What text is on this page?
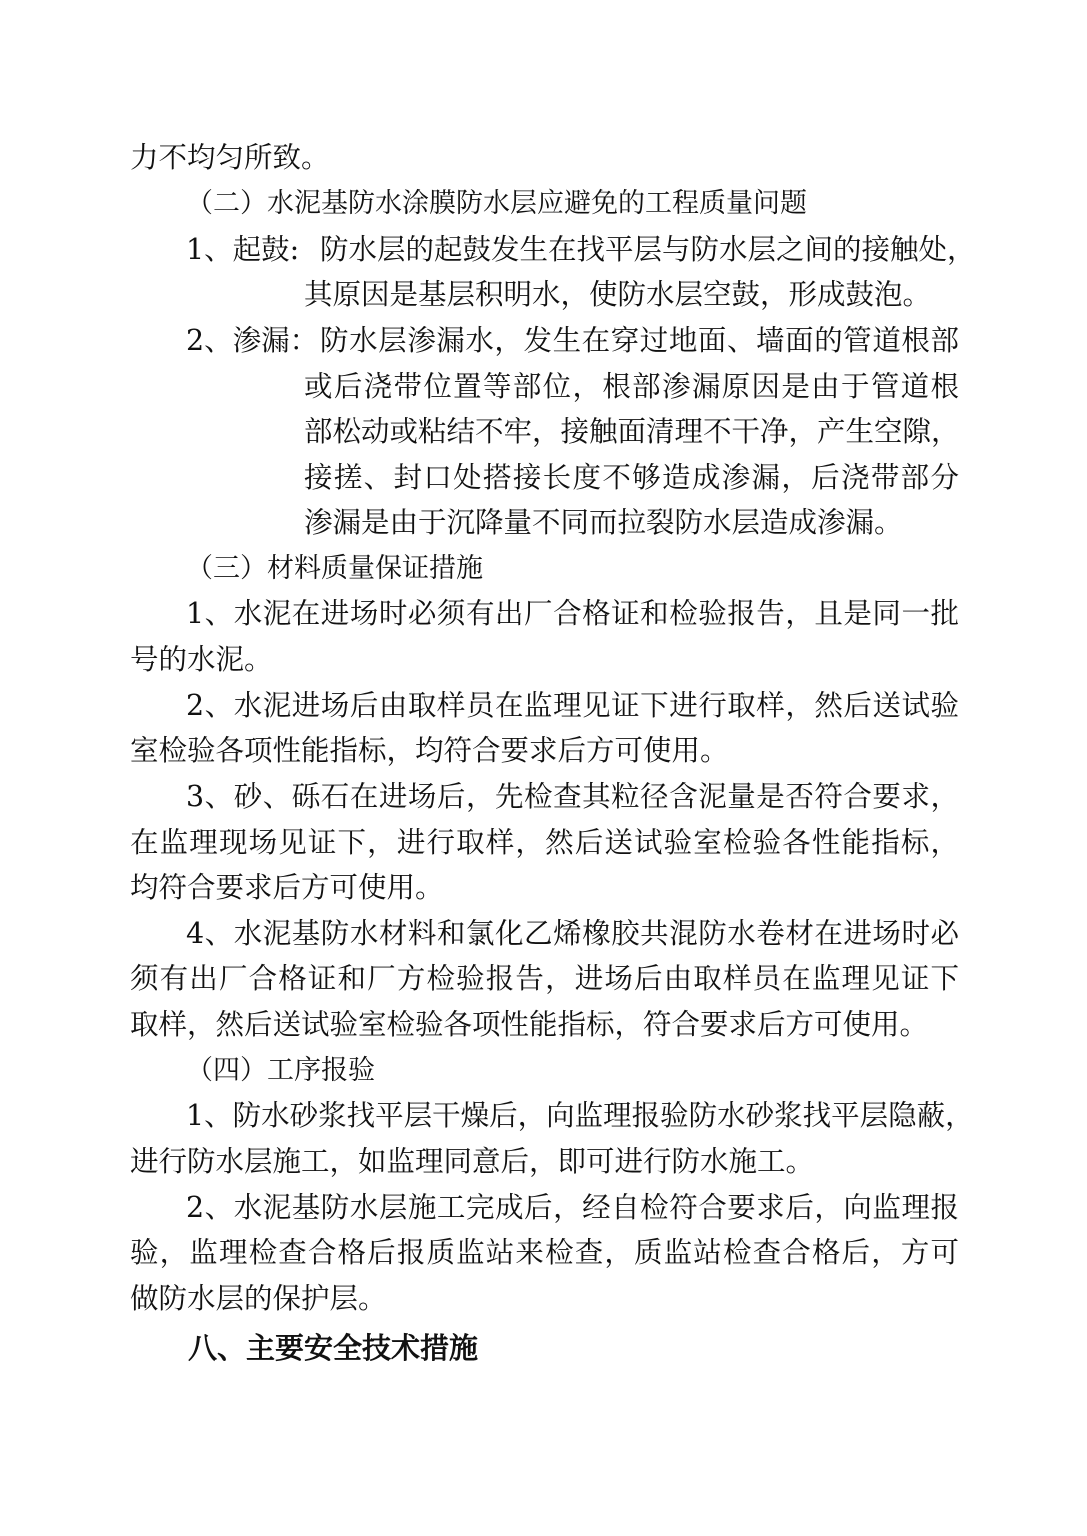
力不均匀所致。

（二）水泥基防水涂膜防水层应避免的工程质量问题

1、起鼓: 防水层的起鼓发生在找平层与防水层之间的接触处，

其原因是基层积明水，使防水层空鼓，形成鼓泡。

2、渗漏： 防水层渗漏水，发生在穿过地面、墙面的管道根部

或后浇带位置等部位，根部渗漏原因是由于管道根

部松动或粘结不牢，接触面清理不干净，产生空隙，

接搓、封口处搭接长度不够造成渗漏，后浇带部分

渗漏是由于沉降量不同而拉裂防水层造成渗漏。

（三）材料质量保证措施

1、水泥在进场时必须有出厂合格证和检验报告，且是同一批

号的水泥。

2、水泥进场后由取样员在监理见证下进行取样，然后送试验

室检验各项性能指标，均符合要求后方可使用。

3、砂、砾石在进场后，先检查其粒径含泥量是否符合要求，

在监理现场见证下，进行取样，然后送试验室检验各性能指标，

均符合要求后方可使用。

4、水泥基防水材料和氯化乙烯橡胶共混防水卷材在进场时必

须有出厂合格证和厂方检验报告，进场后由取样员在监理见证下

取样，然后送试验室检验各项性能指标，符合要求后方可使用。

（四）工序报验

1、防水砂浆找平层干燥后，向监理报验防水砂浆找平层隐蔽，

进行防水层施工，如监理同意后，即可进行防水施工。

2、水泥基防水层施工完成后，经自检符合要求后，向监理报

验，监理检查合格后报质监站来检查，质监站检查合格后，方可

做防水层的保护层。

八、主要安全技术措施
